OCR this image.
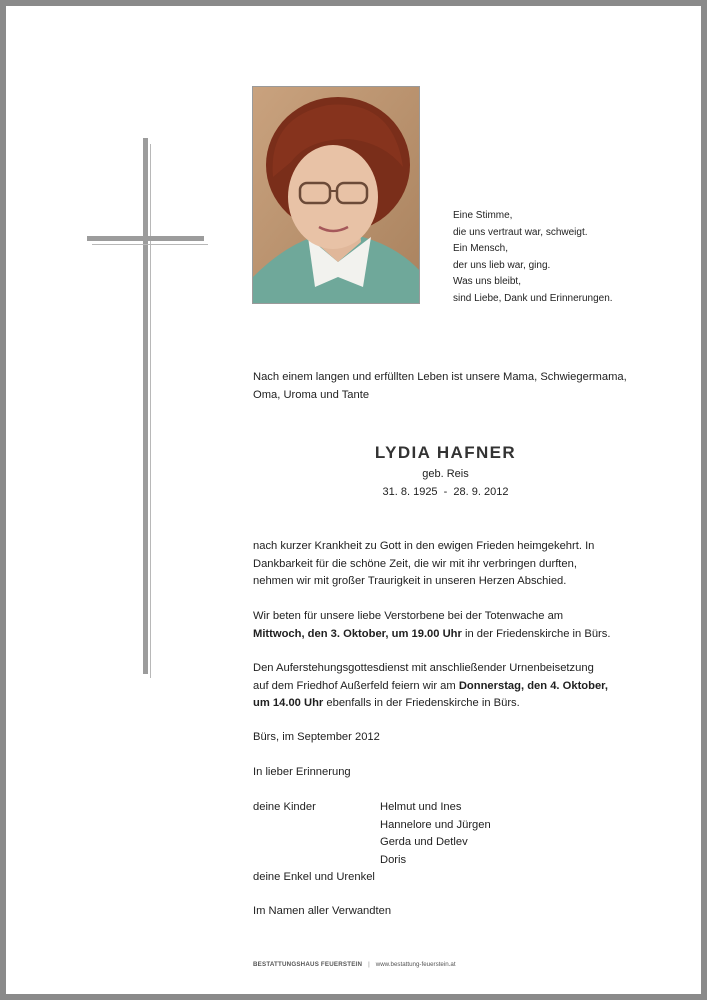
Eine Stimme,
die uns vertraut war, schweigt.
Ein Mensch,
der uns lieb war, ging.
Was uns bleibt,
sind Liebe, Dank und Erinnerungen.
Nach einem langen und erfüllten Leben ist unsere Mama, Schwiegermama,
Oma, Uroma und Tante
LYDIA HAFNER
geb. Reis
31. 8. 1925  -  28. 9. 2012
nach kurzer Krankheit zu Gott in den ewigen Frieden heimgekehrt. In
Dankbarkeit für die schöne Zeit, die wir mit ihr verbringen durften,
nehmen wir mit großer Traurigkeit in unseren Herzen Abschied.
Wir beten für unsere liebe Verstorbene bei der Totenwache am
Mittwoch, den 3. Oktober, um 19.00 Uhr in der Friedenskirche in Bürs.
Den Auferstehungsgottesdienst mit anschließender Urnenbeisetzung
auf dem Friedhof Außerfeld feiern wir am Donnerstag, den 4. Oktober,
um 14.00 Uhr ebenfalls in der Friedenskirche in Bürs.
Bürs, im September 2012
In lieber Erinnerung
deine Kinder	Helmut und Ines
Hannelore und Jürgen
Gerda und Detlev
Doris
deine Enkel und Urenkel
Im Namen aller Verwandten
BESTATTUNGSHAUS FEUERSTEIN | www.bestattung-feuerstein.at
